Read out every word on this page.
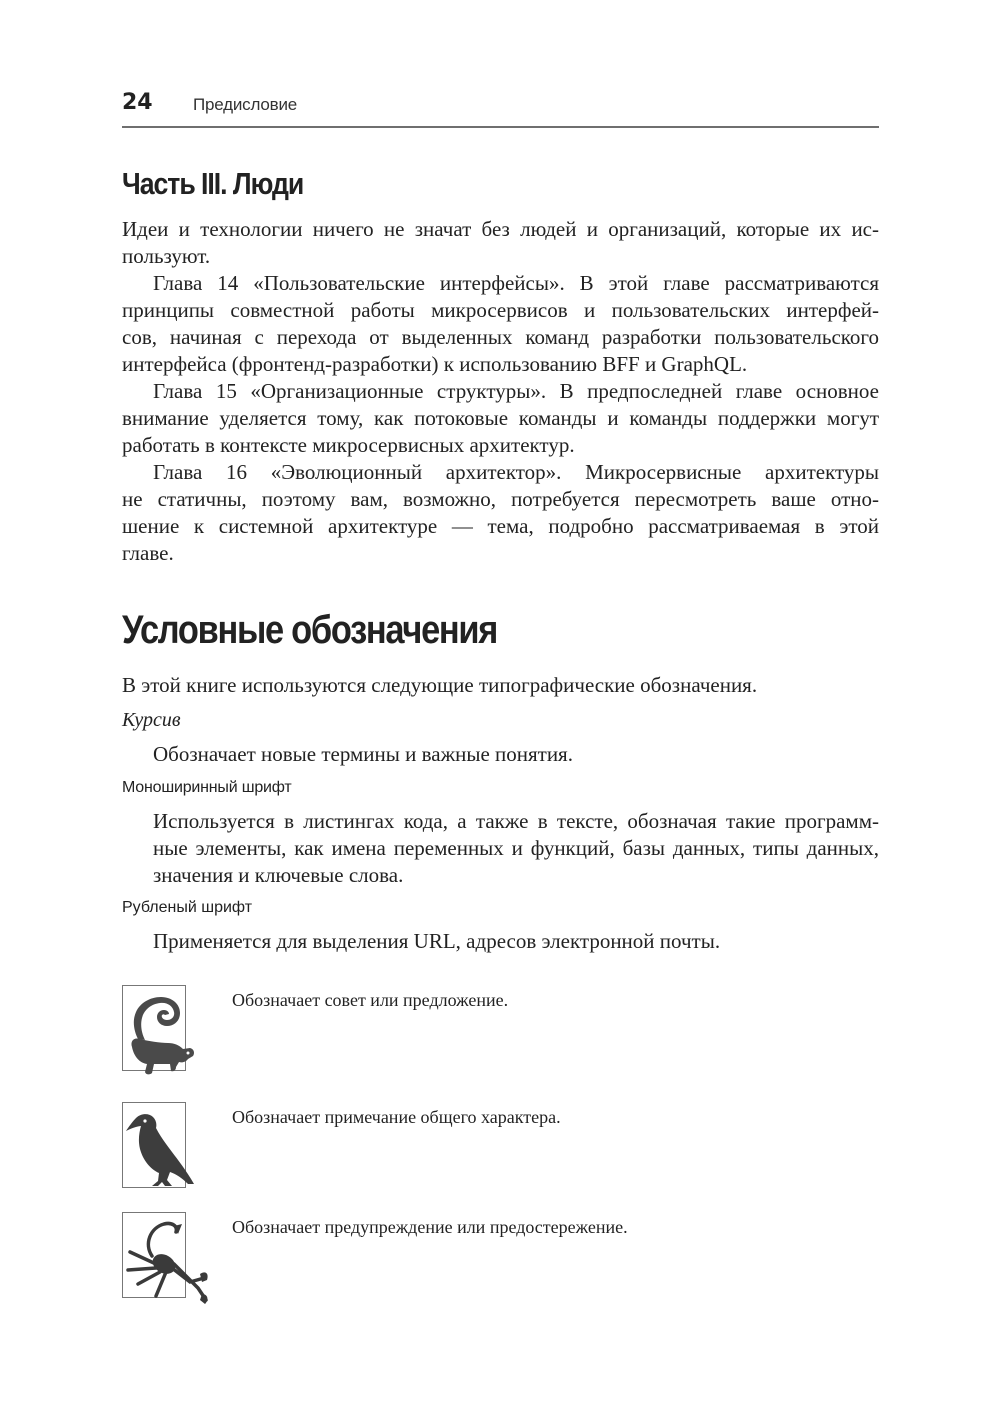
24 Предисловие
Часть III. Люди

Идеи и технологии ничего не значат без людей и организаций, которые их ис-
пользуют.

Глава 14 «Пользовательские интерфейсы». В этой главе рассматриваются
принципы совместной работы микросервисов и пользовательских интерфей-
сов, начиная с перехода от выделенных команд разработки пользовательского
интерфейса (фронтенд-разработки) к использованию BFF и GraphQL.

Глава 15 «Организационные структуры». В предпоследней главе основное
внимание уделяется тому, как потоковые команды и команды поддержки могут
работать в контексте микросервисных архитектур.

Глава 16 «Эволюционный архитектор». Микросервисные архитектуры
не статичны, поэтому вам, возможно, потребуется пересмотреть ваше отно-
шение к системной архитектуре — тема, подробно рассматриваемая в этой
главе.

Условные обозначения

В этой книге используются следующие типографические обозначения.

Курсив

Обозначает новые термины и важные понятия.

Моноширинный шрифт

Используется в листингах кода, а также в тексте, обозначая такие программ-
ные элементы, как имена переменных и функций, базы данных, типы данных,
значения и ключевые слова.

Рубленый шрифт

Применяется для выделения URL, адресов электронной почты.

Обозначает совет или предложение.
Обозначает примечание общего характера.
Обозначает предупреждение или предостережение.
